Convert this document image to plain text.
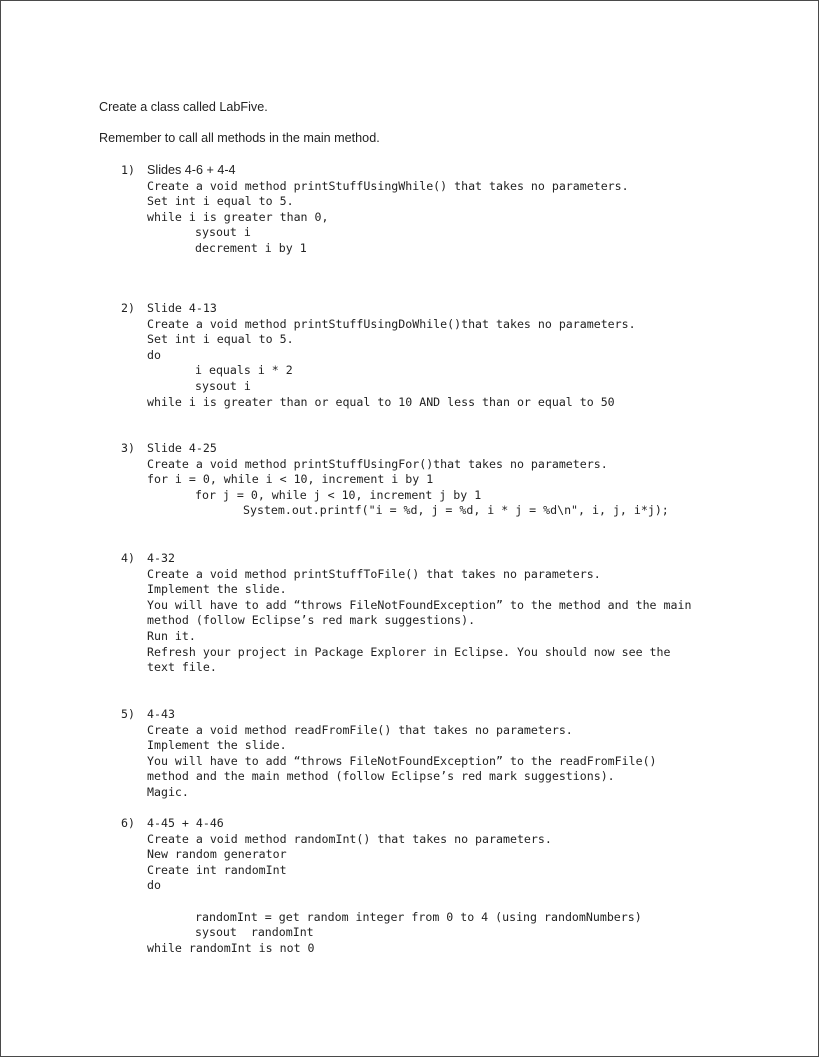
Create a class called LabFive.
Remember to call all methods in the main method.
1) Slides 4-6 + 4-4
Create a void method printStuffUsingWhile() that takes no parameters.
Set int i equal to 5.
while i is greater than 0,
sysout i
decrement i by 1
2)	Slide 4-13
Create a void method printStuffUsingDoWhile()that takes no parameters.
Set int i equal to 5.
do
i equals i * 2
sysout i
while i is greater than or equal to 10 AND less than or equal to 50
3)	Slide 4-25
Create a void method printStuffUsingFor()that takes no parameters.
for i = 0, while i < 10, increment i by 1
for j = 0, while j < 10, increment j by 1
System.out.printf("i = %d, j = %d, i * j = %d\n", i, j, i*j);
4)	4-32
Create a void method printStuffToFile() that takes no parameters.
Implement the slide.
You will have to add “throws FileNotFoundException” to the method and the main
method (follow Eclipse’s red mark suggestions).
Run it.
Refresh your project in Package Explorer in Eclipse. You should now see the
text file.
5)	4-43
Create a void method readFromFile() that takes no parameters.
Implement the slide.
You will have to add “throws FileNotFoundException” to the readFromFile()
method and the main method (follow Eclipse’s red mark suggestions).
Magic.
6)	4-45 + 4-46
Create a void method randomInt() that takes no parameters.
New random generator
Create int randomInt
do
randomInt = get random integer from 0 to 4 (using randomNumbers)
sysout  randomInt
while randomInt is not 0
